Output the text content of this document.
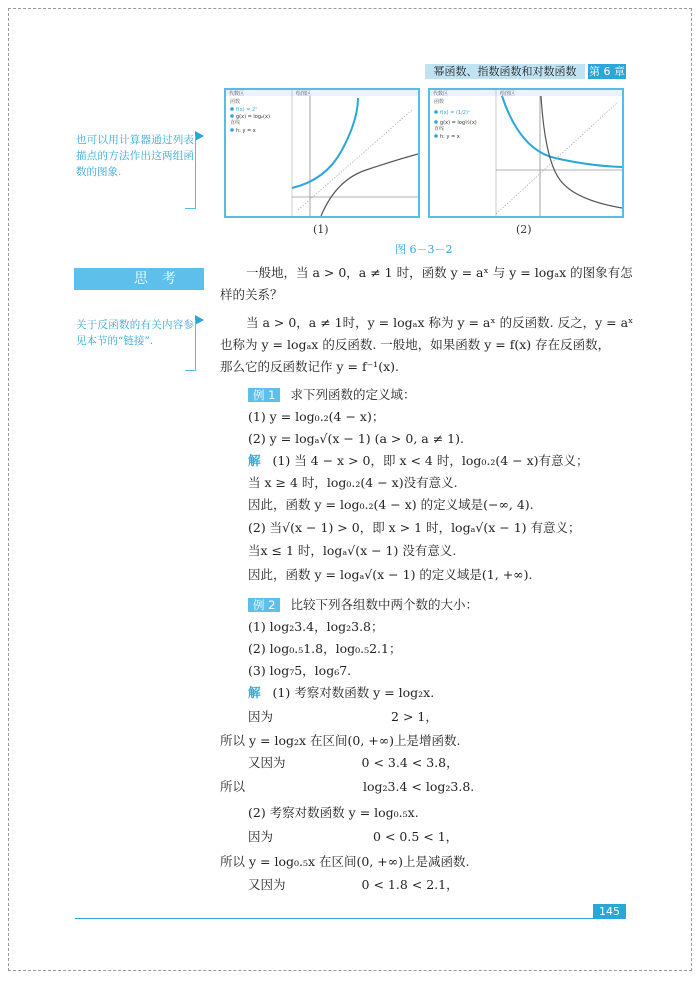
幂函数、指数函数和对数函数	第 6 章
代数区	绘图区
函数
f(x) = 2ˣ
g(x) = log₂(x)
直线
h: y = x
代数区	绘图区
函数
f(x) = (1/2)ˣ
g(x) = log½(x)
直线
h: y = x
(1)	(2)
图 6－3－2
也可以用计算器通过列表描点的方法作出这两组函数的图象.
思考
关于反函数的有关内容参见本节的“链接”.
一般地，当 a > 0，a ≠ 1 时，函数 y = aˣ 与 y = logₐx 的图象有怎
样的关系？
当 a > 0，a ≠ 1时，y = logₐx 称为 y = aˣ 的反函数. 反之，y = aˣ
也称为 y = logₐx 的反函数. 一般地，如果函数 y = f(x) 存在反函数，
那么它的反函数记作 y = f⁻¹(x).
例 1 求下列函数的定义域：
(1) y = log₀.₂(4 − x)；
(2) y = logₐ√(x − 1) (a > 0, a ≠ 1).
解 (1) 当 4 − x > 0，即 x < 4 时，log₀.₂(4 − x)有意义；
当 x ≥ 4 时，log₀.₂(4 − x)没有意义.
因此，函数 y = log₀.₂(4 − x) 的定义域是(−∞, 4).
(2) 当√(x − 1) > 0，即 x > 1 时，logₐ√(x − 1) 有意义；
当x ≤ 1 时，logₐ√(x − 1) 没有意义.
因此，函数 y = logₐ√(x − 1) 的定义域是(1, +∞).
例 2 比较下列各组数中两个数的大小：
(1) log₂3.4，log₂3.8；
(2) log₀.₅1.8，log₀.₅2.1；
(3) log₇5，log₆7.
解 (1) 考察对数函数 y = log₂x.
因为	2 > 1，
所以 y = log₂x 在区间(0, +∞)上是增函数.
又因为	0 < 3.4 < 3.8，
所以	log₂3.4 < log₂3.8.
(2) 考察对数函数 y = log₀.₅x.
因为	0 < 0.5 < 1，
所以 y = log₀.₅x 在区间(0, +∞)上是减函数.
又因为	0 < 1.8 < 2.1，
145
